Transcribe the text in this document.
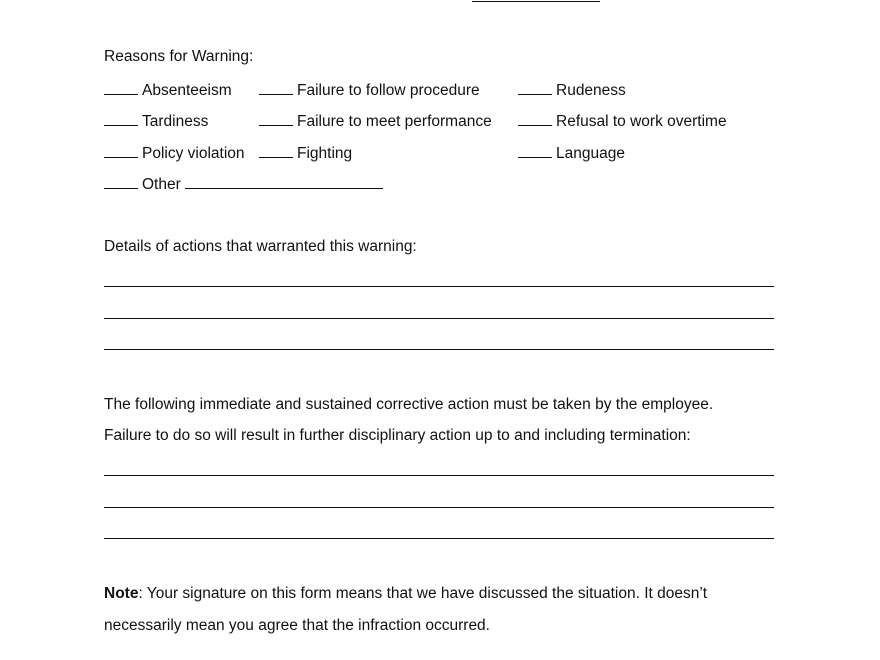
Reasons for Warning:
Absenteeism	Failure to follow procedure	Rudeness
Tardiness	Failure to meet performance	Refusal to work overtime
Policy violation	Fighting	Language
Other
Details of actions that warranted this warning:
The following immediate and sustained corrective action must be taken by the employee.
Failure to do so will result in further disciplinary action up to and including termination:
Note: Your signature on this form means that we have discussed the situation. It doesn’t
necessarily mean you agree that the infraction occurred.
